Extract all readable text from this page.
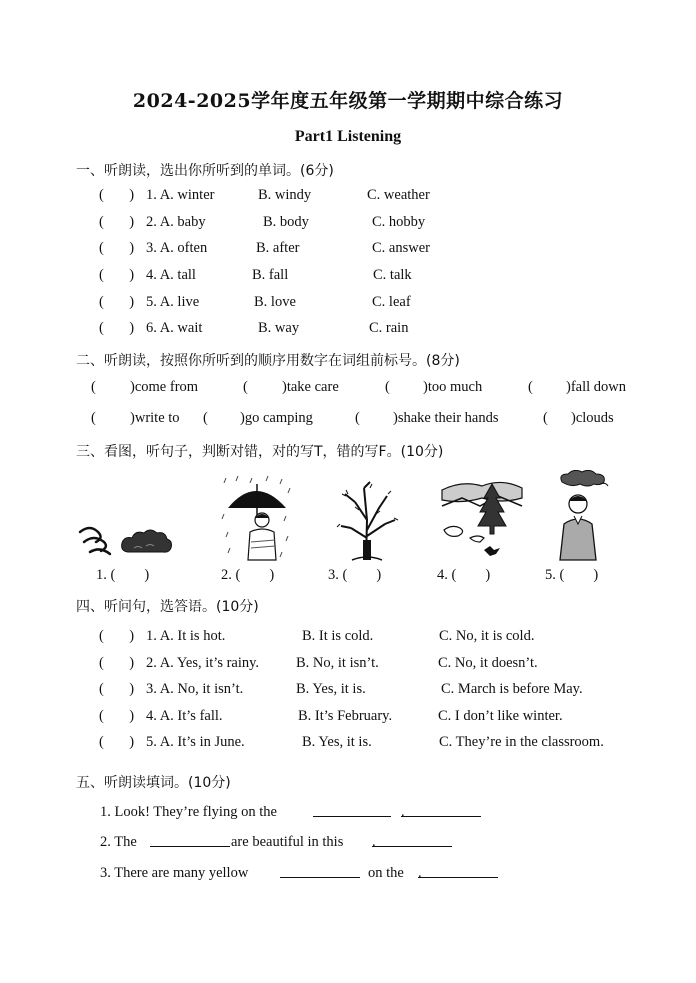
2024-2025学年度五年级第一学期期中综合练习
Part1 Listening
一、听朗读，选出你所听到的单词。(6分)
(       ) 1. A. winter	B. windy	C. weather
(       ) 2. A. baby	B. body	C. hobby
(       ) 3. A. often	B. after	C. answer
(       ) 4. A. tall	B. fall	C. talk
(       ) 5. A. live	B. love	C. leaf
(       ) 6. A. wait	B. way	C. rain
二、听朗读，按照你所听到的顺序用数字在词组前标号。(8分)
( )come from	( )take care	( )too much	( )fall down
( )write to ( )go camping	( )shake their hands	( )clouds
三、看图，听句子，判断对错，对的写T，错的写F。(10分)
1. (        )	2. (        )	3. (        )	4. (        )	5. (        )
四、听问句，选答语。(10分)
(       ) 1. A. It is hot.	B. It is cold.	C. No, it is cold.
(       ) 2. A. Yes, it’s rainy.	B. No, it isn’t.	C. No, it doesn’t.
(       ) 3. A. No, it isn’t.	B. Yes, it is.	C. March is before May.
(       ) 4. A. It’s fall.	B. It’s February.	C. I don’t like winter.
(       ) 5. A. It’s in June.	B. Yes, it is.	C. They’re in the classroom.
五、听朗读填词。(10分)
1. Look! They’re flying on the	.
2. The	are beautiful in this .
3. There are many yellow	on the .
